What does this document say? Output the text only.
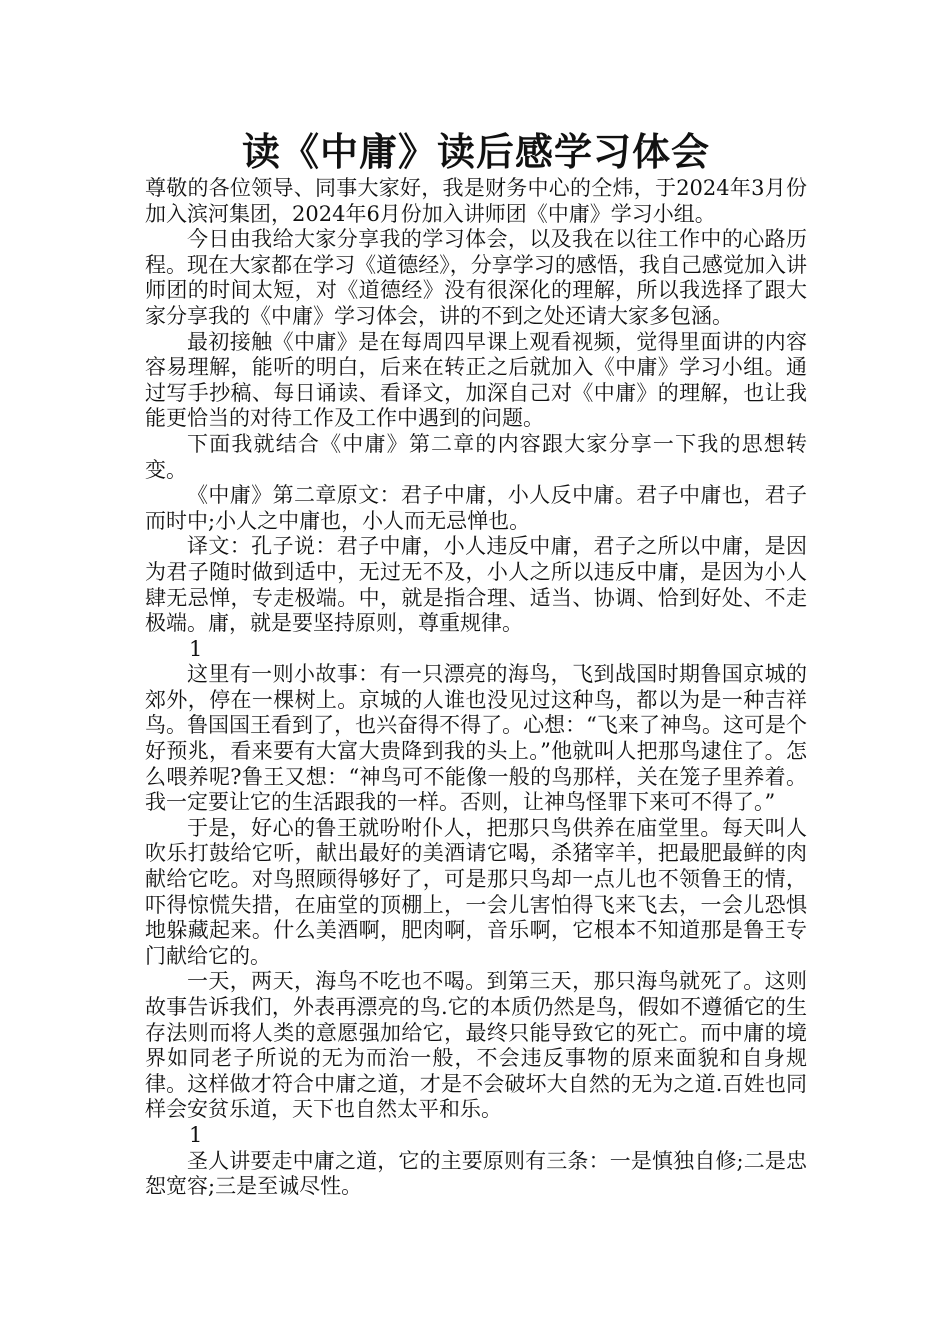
读《中庸》读后感学习体会

尊敬的各位领导、同事大家好，我是财务中心的仝炜，于2024年3月份加入滨河集团，2024年6月份加入讲师团《中庸》学习小组。

今日由我给大家分享我的学习体会，以及我在以往工作中的心路历程。现在大家都在学习《道德经》，分享学习的感悟，我自己感觉加入讲师团的时间太短，对《道德经》没有很深化的理解，所以我选择了跟大家分享我的《中庸》学习体会，讲的不到之处还请大家多包涵。

最初接触《中庸》是在每周四早课上观看视频，觉得里面讲的内容容易理解，能听的明白，后来在转正之后就加入《中庸》学习小组。通过写手抄稿、每日诵读、看译文，加深自己对《中庸》的理解，也让我能更恰当的对待工作及工作中遇到的问题。

下面我就结合《中庸》第二章的内容跟大家分享一下我的思想转变。

《中庸》第二章原文：君子中庸，小人反中庸。君子中庸也，君子而时中;小人之中庸也，小人而无忌惮也。

译文：孔子说：君子中庸，小人违反中庸，君子之所以中庸，是因为君子随时做到适中，无过无不及，小人之所以违反中庸，是因为小人肆无忌惮，专走极端。中，就是指合理、适当、协调、恰到好处、不走极端。庸，就是要坚持原则，尊重规律。

1

这里有一则小故事：有一只漂亮的海鸟，飞到战国时期鲁国京城的郊外，停在一棵树上。京城的人谁也没见过这种鸟，都以为是一种吉祥鸟。鲁国国王看到了，也兴奋得不得了。心想：“飞来了神鸟。这可是个好预兆，看来要有大富大贵降到我的头上。”他就叫人把那鸟逮住了。怎么喂养呢?鲁王又想：“神鸟可不能像一般的鸟那样，关在笼子里养着。我一定要让它的生活跟我的一样。否则，让神鸟怪罪下来可不得了。”

于是，好心的鲁王就吩咐仆人，把那只鸟供养在庙堂里。每天叫人吹乐打鼓给它听，献出最好的美酒请它喝，杀猪宰羊，把最肥最鲜的肉献给它吃。对鸟照顾得够好了，可是那只鸟却一点儿也不领鲁王的情，吓得惊慌失措，在庙堂的顶棚上，一会儿害怕得飞来飞去，一会儿恐惧地躲藏起来。什么美酒啊，肥肉啊，音乐啊，它根本不知道那是鲁王专门献给它的。

一天，两天，海鸟不吃也不喝。到第三天，那只海鸟就死了。这则故事告诉我们，外表再漂亮的鸟.它的本质仍然是鸟，假如不遵循它的生存法则而将人类的意愿强加给它，最终只能导致它的死亡。而中庸的境界如同老子所说的无为而治一般，不会违反事物的原来面貌和自身规律。这样做才符合中庸之道，才是不会破坏大自然的无为之道.百姓也同样会安贫乐道，天下也自然太平和乐。

1

圣人讲要走中庸之道，它的主要原则有三条：一是慎独自修;二是忠恕宽容;三是至诚尽性。
